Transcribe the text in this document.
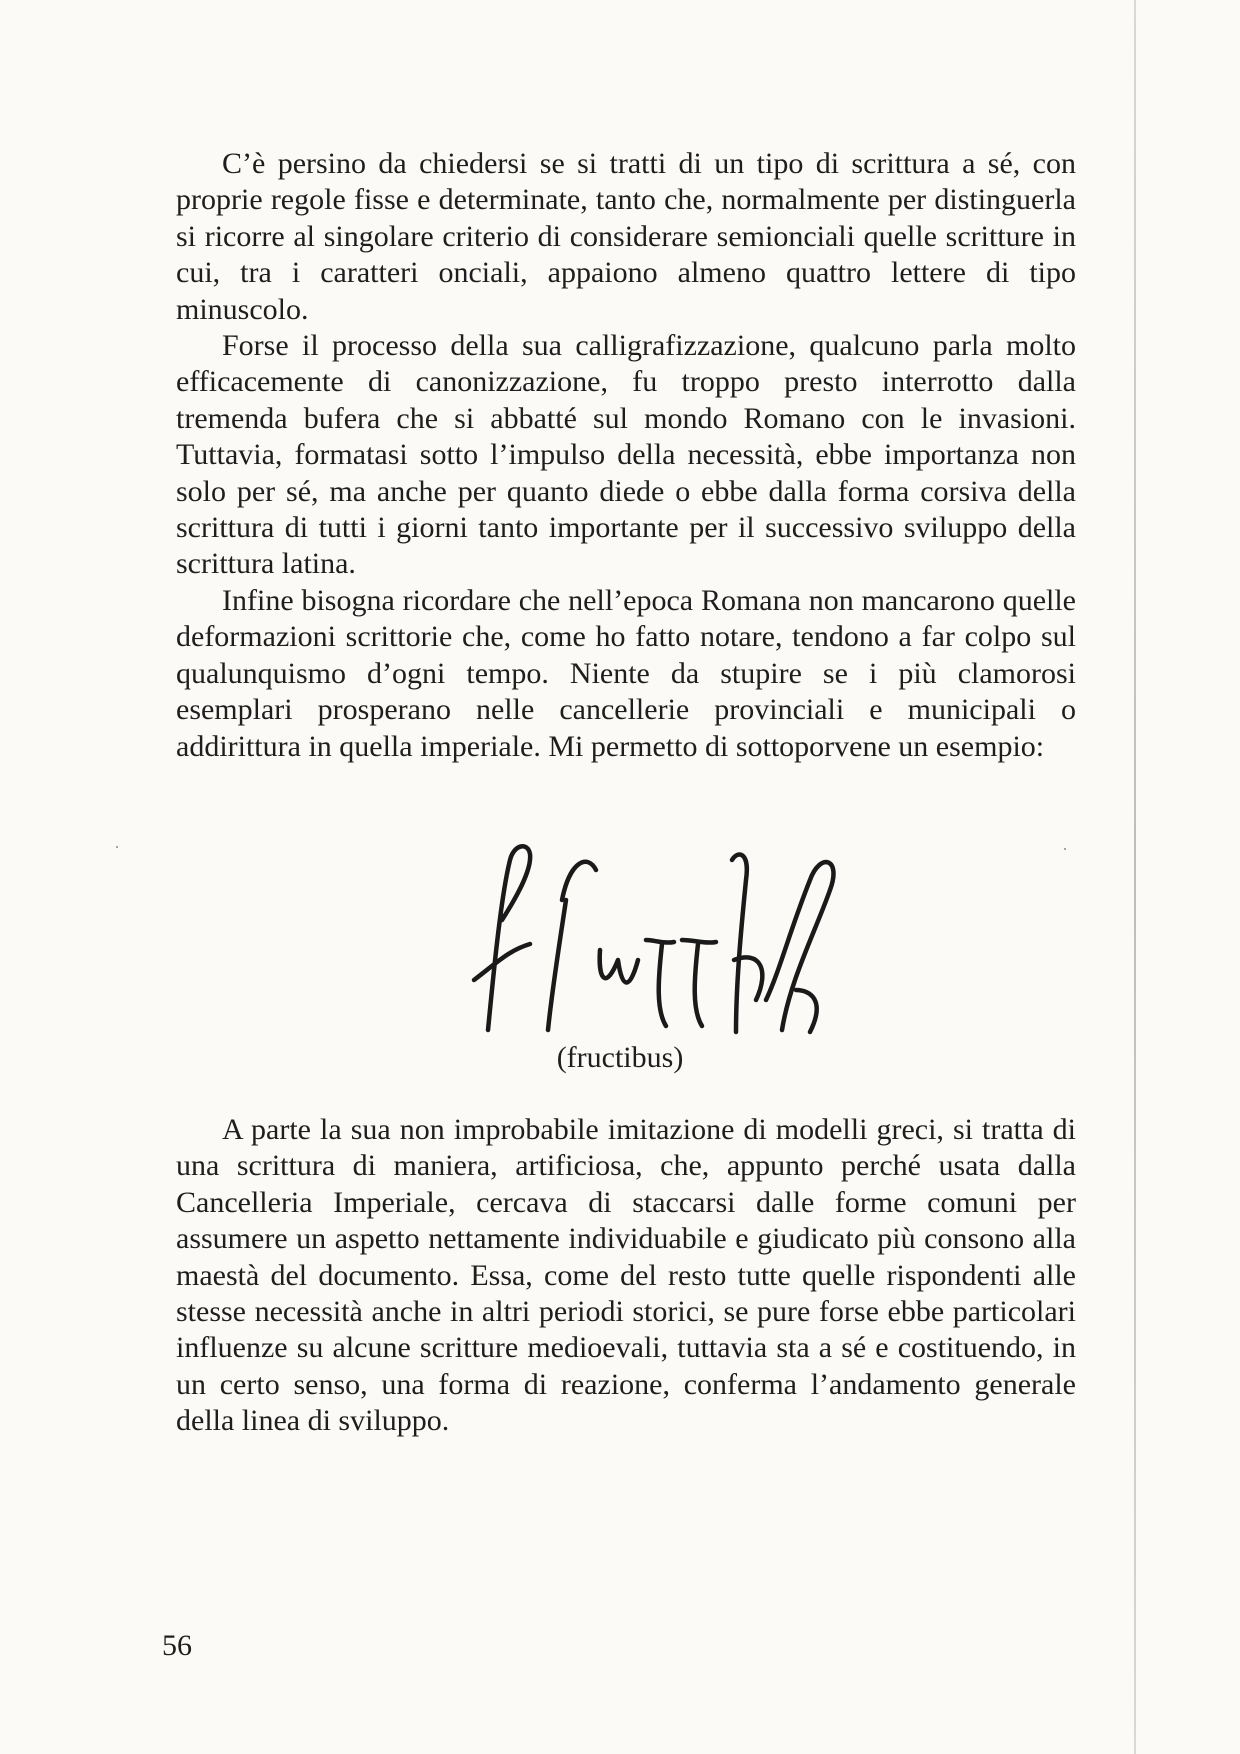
C’è persino da chiedersi se si tratti di un tipo di scrittura a sé, con proprie regole fisse e determinate, tanto che, normalmente per distinguerla si ricorre al singolare criterio di considerare semionciali quelle scritture in cui, tra i caratteri onciali, appaiono almeno quattro lettere di tipo minuscolo.

Forse il processo della sua calligrafizzazione, qualcuno parla molto efficacemente di canonizzazione, fu troppo presto interrotto dalla tremenda bufera che si abbatté sul mondo Romano con le invasioni. Tuttavia, formatasi sotto l’impulso della necessità, ebbe importanza non solo per sé, ma anche per quanto diede o ebbe dalla forma corsiva della scrittura di tutti i giorni tanto importante per il successivo sviluppo della scrittura latina.

Infine bisogna ricordare che nell’epoca Romana non mancarono quelle deformazioni scrittorie che, come ho fatto notare, tendono a far colpo sul qualunquismo d’ogni tempo. Niente da stupire se i più clamorosi esemplari prosperano nelle cancellerie provinciali e municipali o addirittura in quella imperiale. Mi permetto di sottoporvene un esempio:

(fructibus)

A parte la sua non improbabile imitazione di modelli greci, si tratta di una scrittura di maniera, artificiosa, che, appunto perché usata dalla Cancelleria Imperiale, cercava di staccarsi dalle forme comuni per assumere un aspetto nettamente individuabile e giudicato più consono alla maestà del documento. Essa, come del resto tutte quelle rispondenti alle stesse necessità anche in altri periodi storici, se pure forse ebbe particolari influenze su alcune scritture medioevali, tuttavia sta a sé e costituendo, in un certo senso, una forma di reazione, conferma l’andamento generale della linea di sviluppo.

56
